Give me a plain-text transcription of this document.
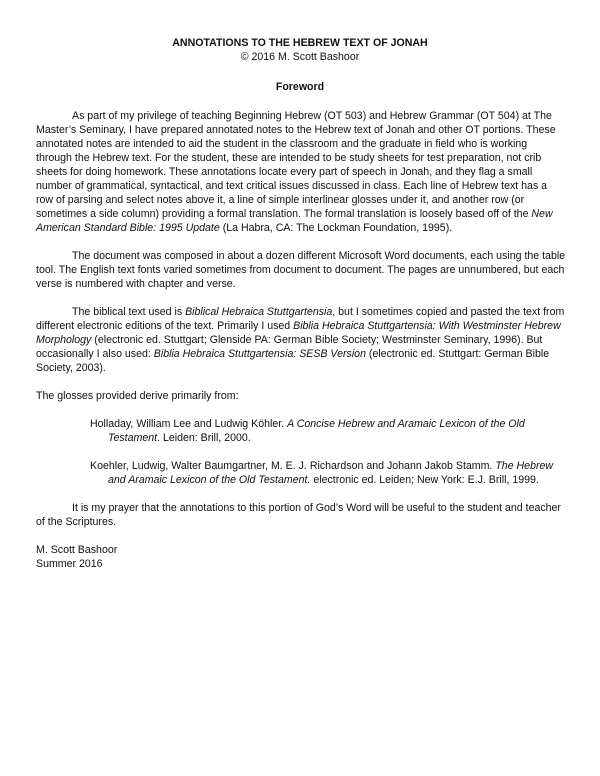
ANNOTATIONS TO THE HEBREW TEXT OF JONAH
© 2016 M. Scott Bashoor
Foreword

As part of my privilege of teaching Beginning Hebrew (OT 503) and Hebrew Grammar (OT 504) at The Master’s Seminary, I have prepared annotated notes to the Hebrew text of Jonah and other OT portions. These annotated notes are intended to aid the student in the classroom and the graduate in field who is working through the Hebrew text. For the student, these are intended to be study sheets for test preparation, not crib sheets for doing homework. These annotations locate every part of speech in Jonah, and they flag a small number of grammatical, syntactical, and text critical issues discussed in class. Each line of Hebrew text has a row of parsing and select notes above it, a line of simple interlinear glosses under it, and another row (or sometimes a side column) providing a formal translation. The formal translation is loosely based off of the New American Standard Bible: 1995 Update (La Habra, CA: The Lockman Foundation, 1995).

The document was composed in about a dozen different Microsoft Word documents, each using the table tool. The English text fonts varied sometimes from document to document. The pages are unnumbered, but each verse is numbered with chapter and verse.

The biblical text used is Biblical Hebraica Stuttgartensia, but I sometimes copied and pasted the text from different electronic editions of the text. Primarily I used Biblia Hebraica Stuttgartensia: With Westminster Hebrew Morphology (electronic ed. Stuttgart; Glenside PA: German Bible Society; Westminster Seminary, 1996). But occasionally I also used: Biblia Hebraica Stuttgartensia: SESB Version (electronic ed. Stuttgart: German Bible Society, 2003).

The glosses provided derive primarily from:

Holladay, William Lee and Ludwig Köhler. A Concise Hebrew and Aramaic Lexicon of the Old Testament. Leiden: Brill, 2000.

Koehler, Ludwig, Walter Baumgartner, M. E. J. Richardson and Johann Jakob Stamm. The Hebrew and Aramaic Lexicon of the Old Testament. electronic ed. Leiden; New York: E.J. Brill, 1999.

It is my prayer that the annotations to this portion of God’s Word will be useful to the student and teacher of the Scriptures.

M. Scott Bashoor

Summer 2016
